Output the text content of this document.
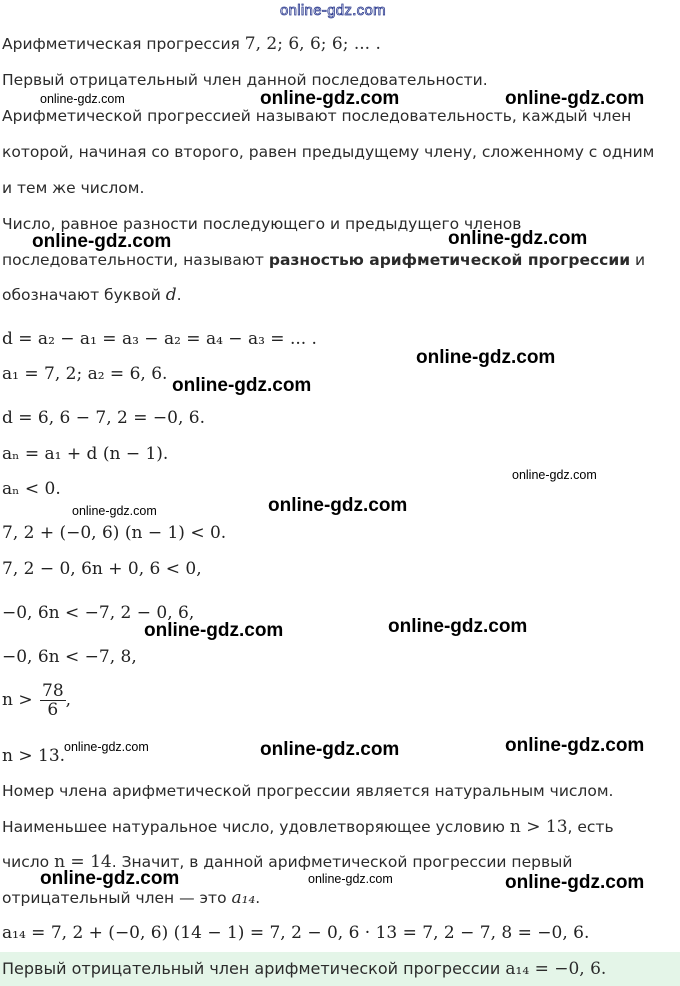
online-gdz.com
Арифметическая прогрессия 7, 2; 6, 6; 6; ... .
Первый отрицательный член данной последовательности.
Арифметической прогрессией называют последовательность, каждый член
которой, начиная со второго, равен предыдущему члену, сложенному с одним
и тем же числом.
Число, равное разности последующего и предыдущего членов
последовательности, называют разностью арифметической прогрессии и
обозначают буквой d.
d = a₂ − a₁ = a₃ − a₂ = a₄ − a₃ = ... .
a₁ = 7, 2; a₂ = 6, 6.
d = 6, 6 − 7, 2 = −0, 6.
aₙ = a₁ + d (n − 1).
aₙ < 0.
7, 2 + (−0, 6) (n − 1) < 0.
7, 2 − 0, 6n + 0, 6 < 0,
−0, 6n < −7, 2 − 0, 6,
−0, 6n < −7, 8,
$n > \frac{78}{6}$ ,
n > 13.
Номер члена арифметической прогрессии является натуральным числом.
Наименьшее натуральное число, удовлетворяющее условию n > 13, есть
число n = 14. Значит, в данной арифметической прогрессии первый
отрицательный член — это a₁₄.
a₁₄ = 7, 2 + (−0, 6) (14 − 1) = 7, 2 − 0, 6 · 13 = 7, 2 − 7, 8 = −0, 6.
Первый отрицательный член арифметической прогрессии a₁₄ = −0, 6.
online-gdz.com	online-gdz.com	online-gdz.com
online-gdz.com	online-gdz.com
online-gdz.com
online-gdz.com
online-gdz.com
online-gdz.com
online-gdz.com
online-gdz.com	online-gdz.com
online-gdz.com	online-gdz.com	online-gdz.com
online-gdz.com	online-gdz.com	online-gdz.com
